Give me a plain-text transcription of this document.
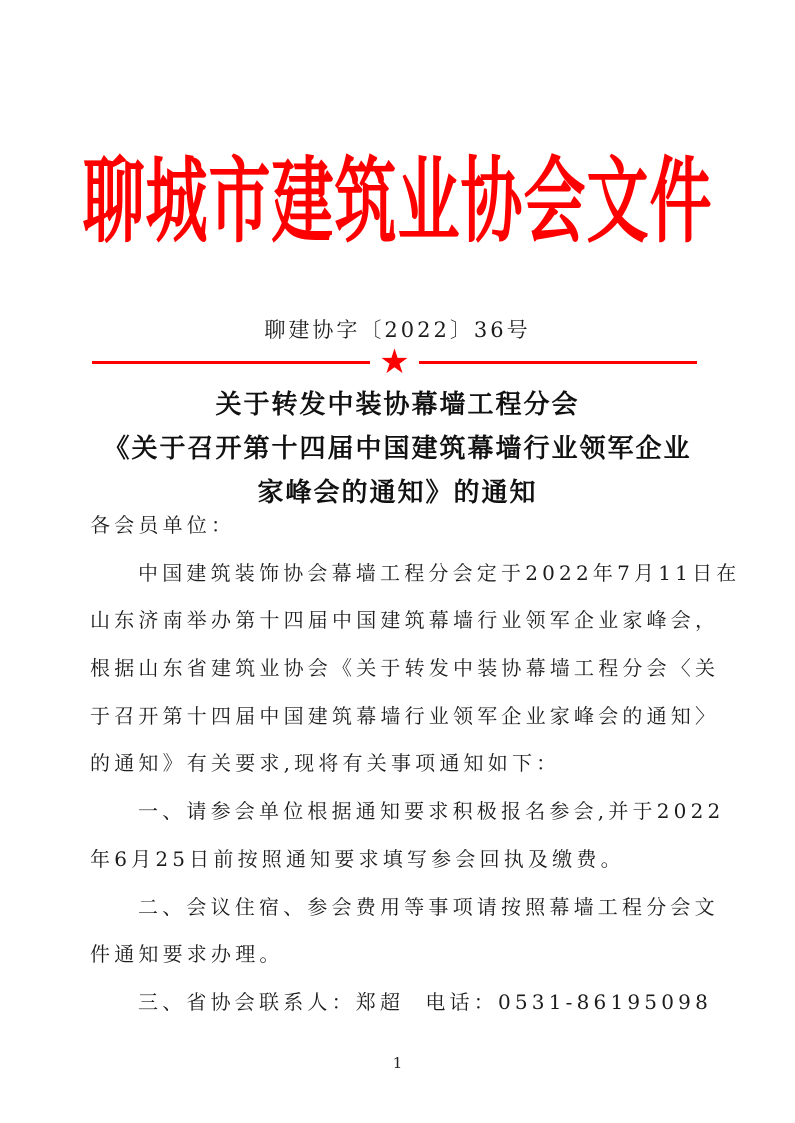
聊城市建筑业协会文件
聊建协字〔2022〕36号
★
关于转发中装协幕墙工程分会
《关于召开第十四届中国建筑幕墙行业领军企业
家峰会的通知》的通知
各会员单位：
中国建筑装饰协会幕墙工程分会定于2022年7月11日在
山东济南举办第十四届中国建筑幕墙行业领军企业家峰会，
根据山东省建筑业协会《关于转发中装协幕墙工程分会〈关
于召开第十四届中国建筑幕墙行业领军企业家峰会的通知〉
的通知》有关要求,现将有关事项通知如下：
一、请参会单位根据通知要求积极报名参会,并于2022
年6月25日前按照通知要求填写参会回执及缴费。
二、会议住宿、参会费用等事项请按照幕墙工程分会文
件通知要求办理。
三、省协会联系人：郑超 电话：0531-86195098
1
